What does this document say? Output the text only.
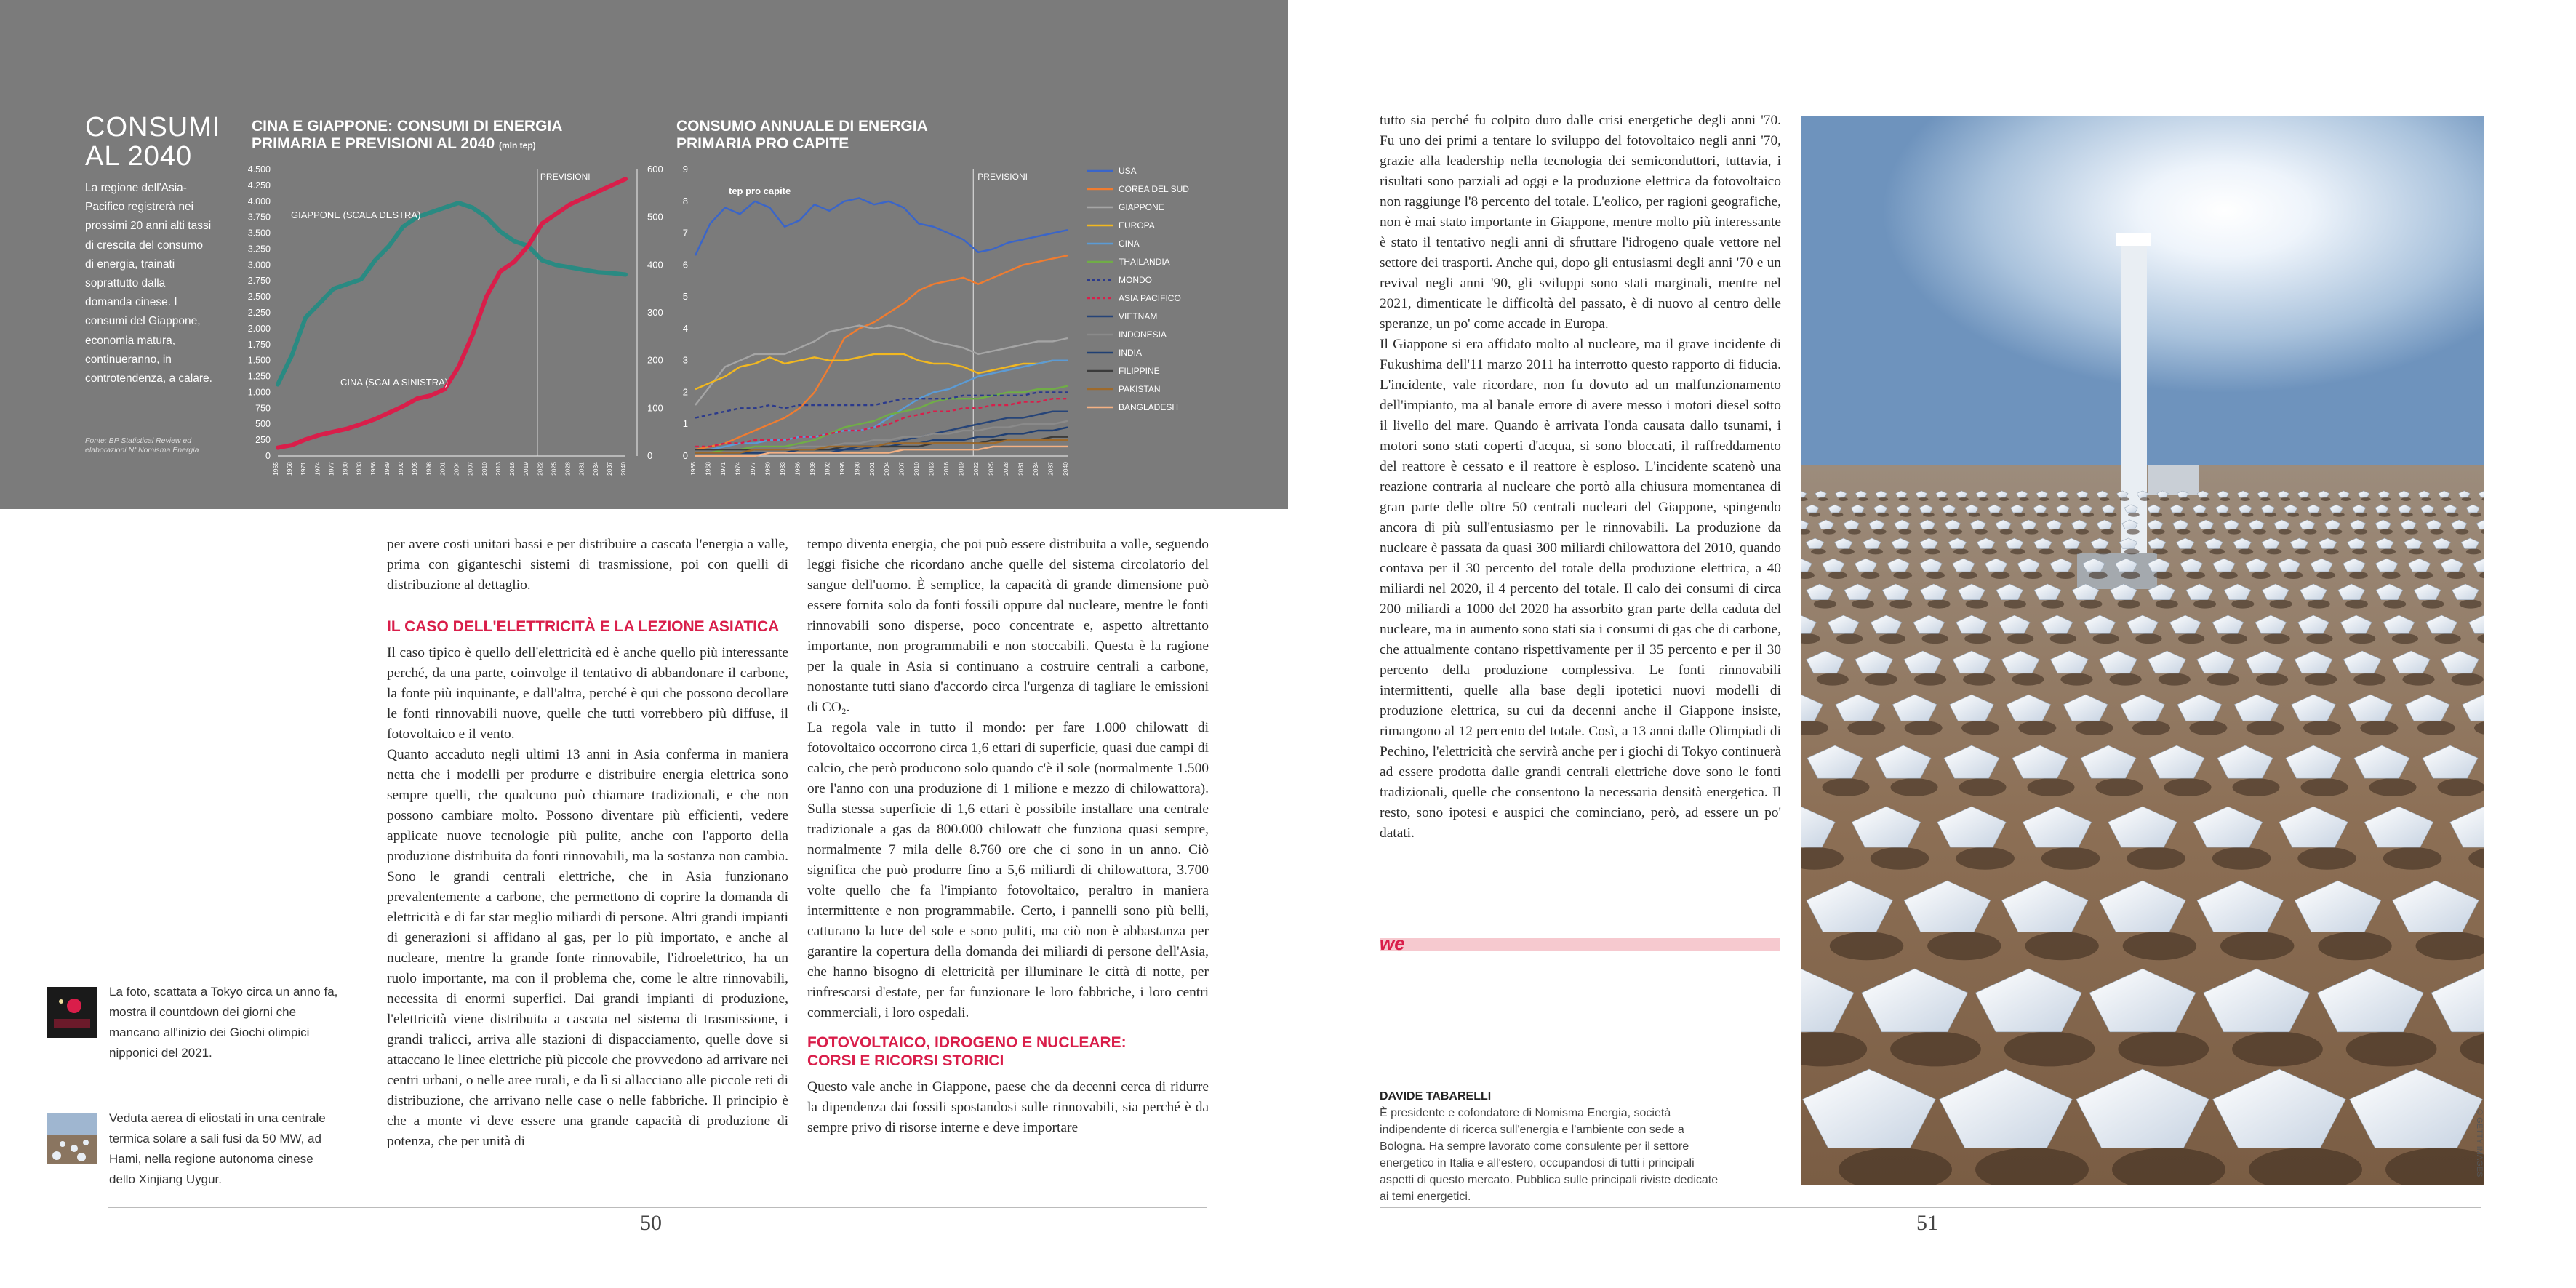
CONSUMI
AL 2040
La regione dell'Asia-Pacifico registrerà nei prossimi 20 anni alti tassi di crescita del consumo di energia, trainati soprattutto dalla domanda cinese. I consumi del Giappone, economia matura, continueranno, in controtendenza, a calare.
Fonte: BP Statistical Review ed elaborazioni Nf Nomisma Energia
CINA E GIAPPONE: CONSUMI DI ENERGIA PRIMARIA E PREVISIONI AL 2040 (mln tep)
0
250
500
750
1.000
1.250
1.500
1.750
2.000
2.250
2.500
2.750
3.000
3.250
3.500
3.750
4.000
4.250
4.500
0
100
200
300
400
500
600
1965 1968 1971 1974 1977 1980 1983 1986 1989 1992 1995 1998 2001 2004 2007 2010 2013 2016 2019 2022 2025 2028 2031 2034 2037 2040
PREVISIONI
GIAPPONE (SCALA DESTRA)
CINA (SCALA SINISTRA)
CONSUMO ANNUALE DI ENERGIA PRIMARIA PRO CAPITE
0
1
2
3
4
5
6
7
8
9
1965 1968 1971 1974 1977 1980 1983 1986 1989 1992 1995 1998 2001 2004 2007 2010 2013 2016 2019 2022 2025 2028 2031 2034 2037 2040
tep pro capite
PREVISIONI
USA
COREA DEL SUD
GIAPPONE
EUROPA
CINA
THAILANDIA
MONDO
ASIA PACIFICO
VIETNAM
INDONESIA
INDIA
FILIPPINE
PAKISTAN
BANGLADESH

per avere costi unitari bassi e per distribuire a cascata l'energia a valle, prima con giganteschi sistemi di trasmissione, poi con quelli di distribuzione al dettaglio.

IL CASO DELL'ELETTRICITÀ E LA LEZIONE ASIATICA

Il caso tipico è quello dell'elettricità ed è anche quello più interessante perché, da una parte, coinvolge il tentativo di abbandonare il carbone, la fonte più inquinante, e dall'altra, perché è qui che possono decollare le fonti rinnovabili nuove, quelle che tutti vorrebbero più diffuse, il fotovoltaico e il vento.

Quanto accaduto negli ultimi 13 anni in Asia conferma in maniera netta che i modelli per produrre e distribuire energia elettrica sono sempre quelli, che qualcuno può chiamare tradizionali, e che non possono cambiare molto. Possono diventare più efficienti, vedere applicate nuove tecnologie più pulite, anche con l'apporto della produzione distribuita da fonti rinnovabili, ma la sostanza non cambia. Sono le grandi centrali elettriche, che in Asia funzionano prevalentemente a carbone, che permettono di coprire la domanda di elettricità e di far star meglio miliardi di persone. Altri grandi impianti di generazioni si affidano al gas, per lo più importato, e anche al nucleare, mentre la grande fonte rinnovabile, l'idroelettrico, ha un ruolo importante, ma con il problema che, come le altre rinnovabili, necessita di enormi superfici. Dai grandi impianti di produzione, l'elettricità viene distribuita a cascata nel sistema di trasmissione, i grandi tralicci, arriva alle stazioni di dispacciamento, quelle dove si attaccano le linee elettriche più piccole che provvedono ad arrivare nei centri urbani, o nelle aree rurali, e da lì si allacciano alle piccole reti di distribuzione, che arrivano nelle case o nelle fabbriche. Il principio è che a monte vi deve essere una grande capacità di produzione di potenza, che per unità di

tempo diventa energia, che poi può essere distribuita a valle, seguendo leggi fisiche che ricordano anche quelle del sistema circolatorio del sangue dell'uomo. È semplice, la capacità di grande dimensione può essere fornita solo da fonti fossili oppure dal nucleare, mentre le fonti rinnovabili sono disperse, poco concentrate e, aspetto altrettanto importante, non programmabili e non stoccabili. Questa è la ragione per la quale in Asia si continuano a costruire centrali a carbone, nonostante tutti siano d'accordo circa l'urgenza di tagliare le emissioni di CO₂.

La regola vale in tutto il mondo: per fare 1.000 chilowatt di fotovoltaico occorrono circa 1,6 ettari di superficie, quasi due campi di calcio, che però producono solo quando c'è il sole (normalmente 1.500 ore l'anno con una produzione di 1 milione e mezzo di chilowattora). Sulla stessa superficie di 1,6 ettari è possibile installare una centrale tradizionale a gas da 800.000 chilowatt che funziona quasi sempre, normalmente 7 mila delle 8.760 ore che ci sono in un anno. Ciò significa che può produrre fino a 5,6 miliardi di chilowattora, 3.700 volte quello che fa l'impianto fotovoltaico, peraltro in maniera intermittente e non programmabile. Certo, i pannelli sono più belli, catturano la luce del sole e sono puliti, ma ciò non è abbastanza per garantire la copertura della domanda dei miliardi di persone dell'Asia, che hanno bisogno di elettricità per illuminare le città di notte, per rinfrescarsi d'estate, per far funzionare le loro fabbriche, i loro centri commerciali, i loro ospedali.

FOTOVOLTAICO, IDROGENO E NUCLEARE:
CORSI E RICORSI STORICI

Questo vale anche in Giappone, paese che da decenni cerca di ridurre la dipendenza dai fossili spostandosi sulle rinnovabili, sia perché è da sempre privo di risorse interne e deve importare

La foto, scattata a Tokyo circa un anno fa, mostra il countdown dei giorni che mancano all'inizio dei Giochi olimpici nipponici del 2021.
Veduta aerea di eliostati in una centrale termica solare a sali fusi da 50 MW, ad Hami, nella regione autonoma cinese dello Xinjiang Uygur.
50

tutto sia perché fu colpito duro dalle crisi energetiche degli anni '70. Fu uno dei primi a tentare lo sviluppo del fotovoltaico negli anni '70, grazie alla leadership nella tecnologia dei semiconduttori, tuttavia, i risultati sono parziali ad oggi e la produzione elettrica da fotovoltaico non raggiunge l'8 percento del totale. L'eolico, per ragioni geografiche, non è mai stato importante in Giappone, mentre molto più interessante è stato il tentativo negli anni di sfruttare l'idrogeno quale vettore nel settore dei trasporti. Anche qui, dopo gli entusiasmi degli anni '70 e un revival negli anni '90, gli sviluppi sono stati marginali, mentre nel 2021, dimenticate le difficoltà del passato, è di nuovo al centro delle speranze, un po' come accade in Europa.

Il Giappone si era affidato molto al nucleare, ma il grave incidente di Fukushima dell'11 marzo 2011 ha interrotto questo rapporto di fiducia. L'incidente, vale ricordare, non fu dovuto ad un malfunzionamento dell'impianto, ma al banale errore di avere messo i motori diesel sotto il livello del mare. Quando è arrivata l'onda causata dallo tsunami, i motori sono stati coperti d'acqua, si sono bloccati, il raffreddamento del reattore è cessato e il reattore è esploso. L'incidente scatenò una reazione contraria al nucleare che portò alla chiusura momentanea di gran parte delle oltre 50 centrali nucleari del Giappone, spingendo ancora di più sull'entusiasmo per le rinnovabili. La produzione da nucleare è passata da quasi 300 miliardi chilowattora del 2010, quando contava per il 30 percento del totale della produzione elettrica, a 40 miliardi nel 2020, il 4 percento del totale. Il calo dei consumi di circa 200 miliardi a 1000 del 2020 ha assorbito gran parte della caduta del nucleare, ma in aumento sono stati sia i consumi di gas che di carbone, che attualmente contano rispettivamente per il 35 percento e per il 30 percento della produzione complessiva. Le fonti rinnovabili intermittenti, quelle alla base degli ipotetici nuovi modelli di produzione elettrica, su cui da decenni anche il Giappone insiste, rimangono al 12 percento del totale. Così, a 13 anni dalle Olimpiadi di Pechino, l'elettricità che servirà anche per i giochi di Tokyo continuerà ad essere prodotta dalle grandi centrali elettriche dove sono le fonti tradizionali, quelle che consentono la necessaria densità energetica. Il resto, sono ipotesi e auspici che cominciano, però, ad essere un po' datati.

we
DAVIDE TABARELLI
È presidente e cofondatore di Nomisma Energia, società indipendente di ricerca sull'energia e l'ambiente con sede a Bologna. Ha sempre lavorato come consulente per il settore energetico in Italia e all'estero, occupandosi di tutti i principali aspetti di questo mercato. Pubblica sulle principali riviste dedicate ai temi energetici.
© GETTY IMAGES
51
